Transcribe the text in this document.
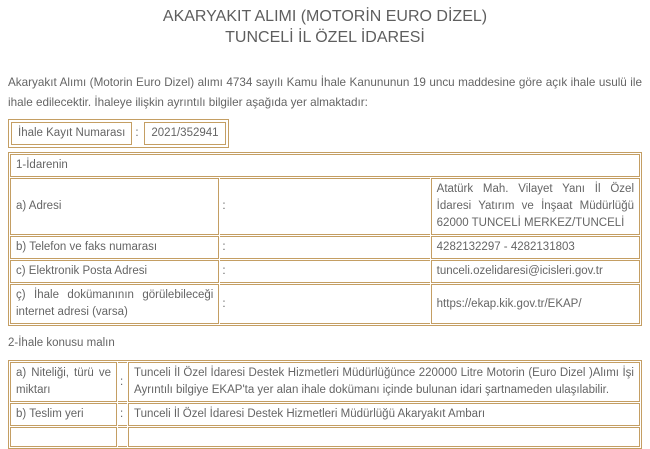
AKARYAKIT ALIMI (MOTORİN EURO DİZEL)
TUNCELİ İL ÖZEL İDARESİ

Akaryakıt Alımı (Motorin Euro Dizel) alımı 4734 sayılı Kamu İhale Kanununun 19 uncu maddesine göre açık ihale usulü ile ihale edilecektir. İhaleye ilişkin ayrıntılı bilgiler aşağıda yer almaktadır:

İhale Kayıt Numarası	:	2021/352941
1-İdarenin		
a) Adresi	:	Atatürk Mah. Vilayet Yanı İl Özel İdaresi Yatırım ve İnşaat Müdürlüğü 62000 TUNCELİ MERKEZ/TUNCELİ
b) Telefon ve faks numarası	:	4282132297 - 4282131803
c) Elektronik Posta Adresi	:	tunceli.ozelidaresi@icisleri.gov.tr
ç) İhale dokümanının görülebileceği internet adresi (varsa)	:	https://ekap.kik.gov.tr/EKAP/
2-İhale konusu malın
a) Niteliği, türü ve miktarı	:	Tunceli İl Özel İdaresi Destek Hizmetleri Müdürlüğünce 220000 Litre Motorin (Euro Dizel )Alımı İşi Ayrıntılı bilgiye EKAP'ta yer alan ihale dokümanı içinde bulunan idari şartnameden ulaşılabilir.
b) Teslim yeri	:	Tunceli İl Özel İdaresi Destek Hizmetleri Müdürlüğü Akaryakıt Ambarı
